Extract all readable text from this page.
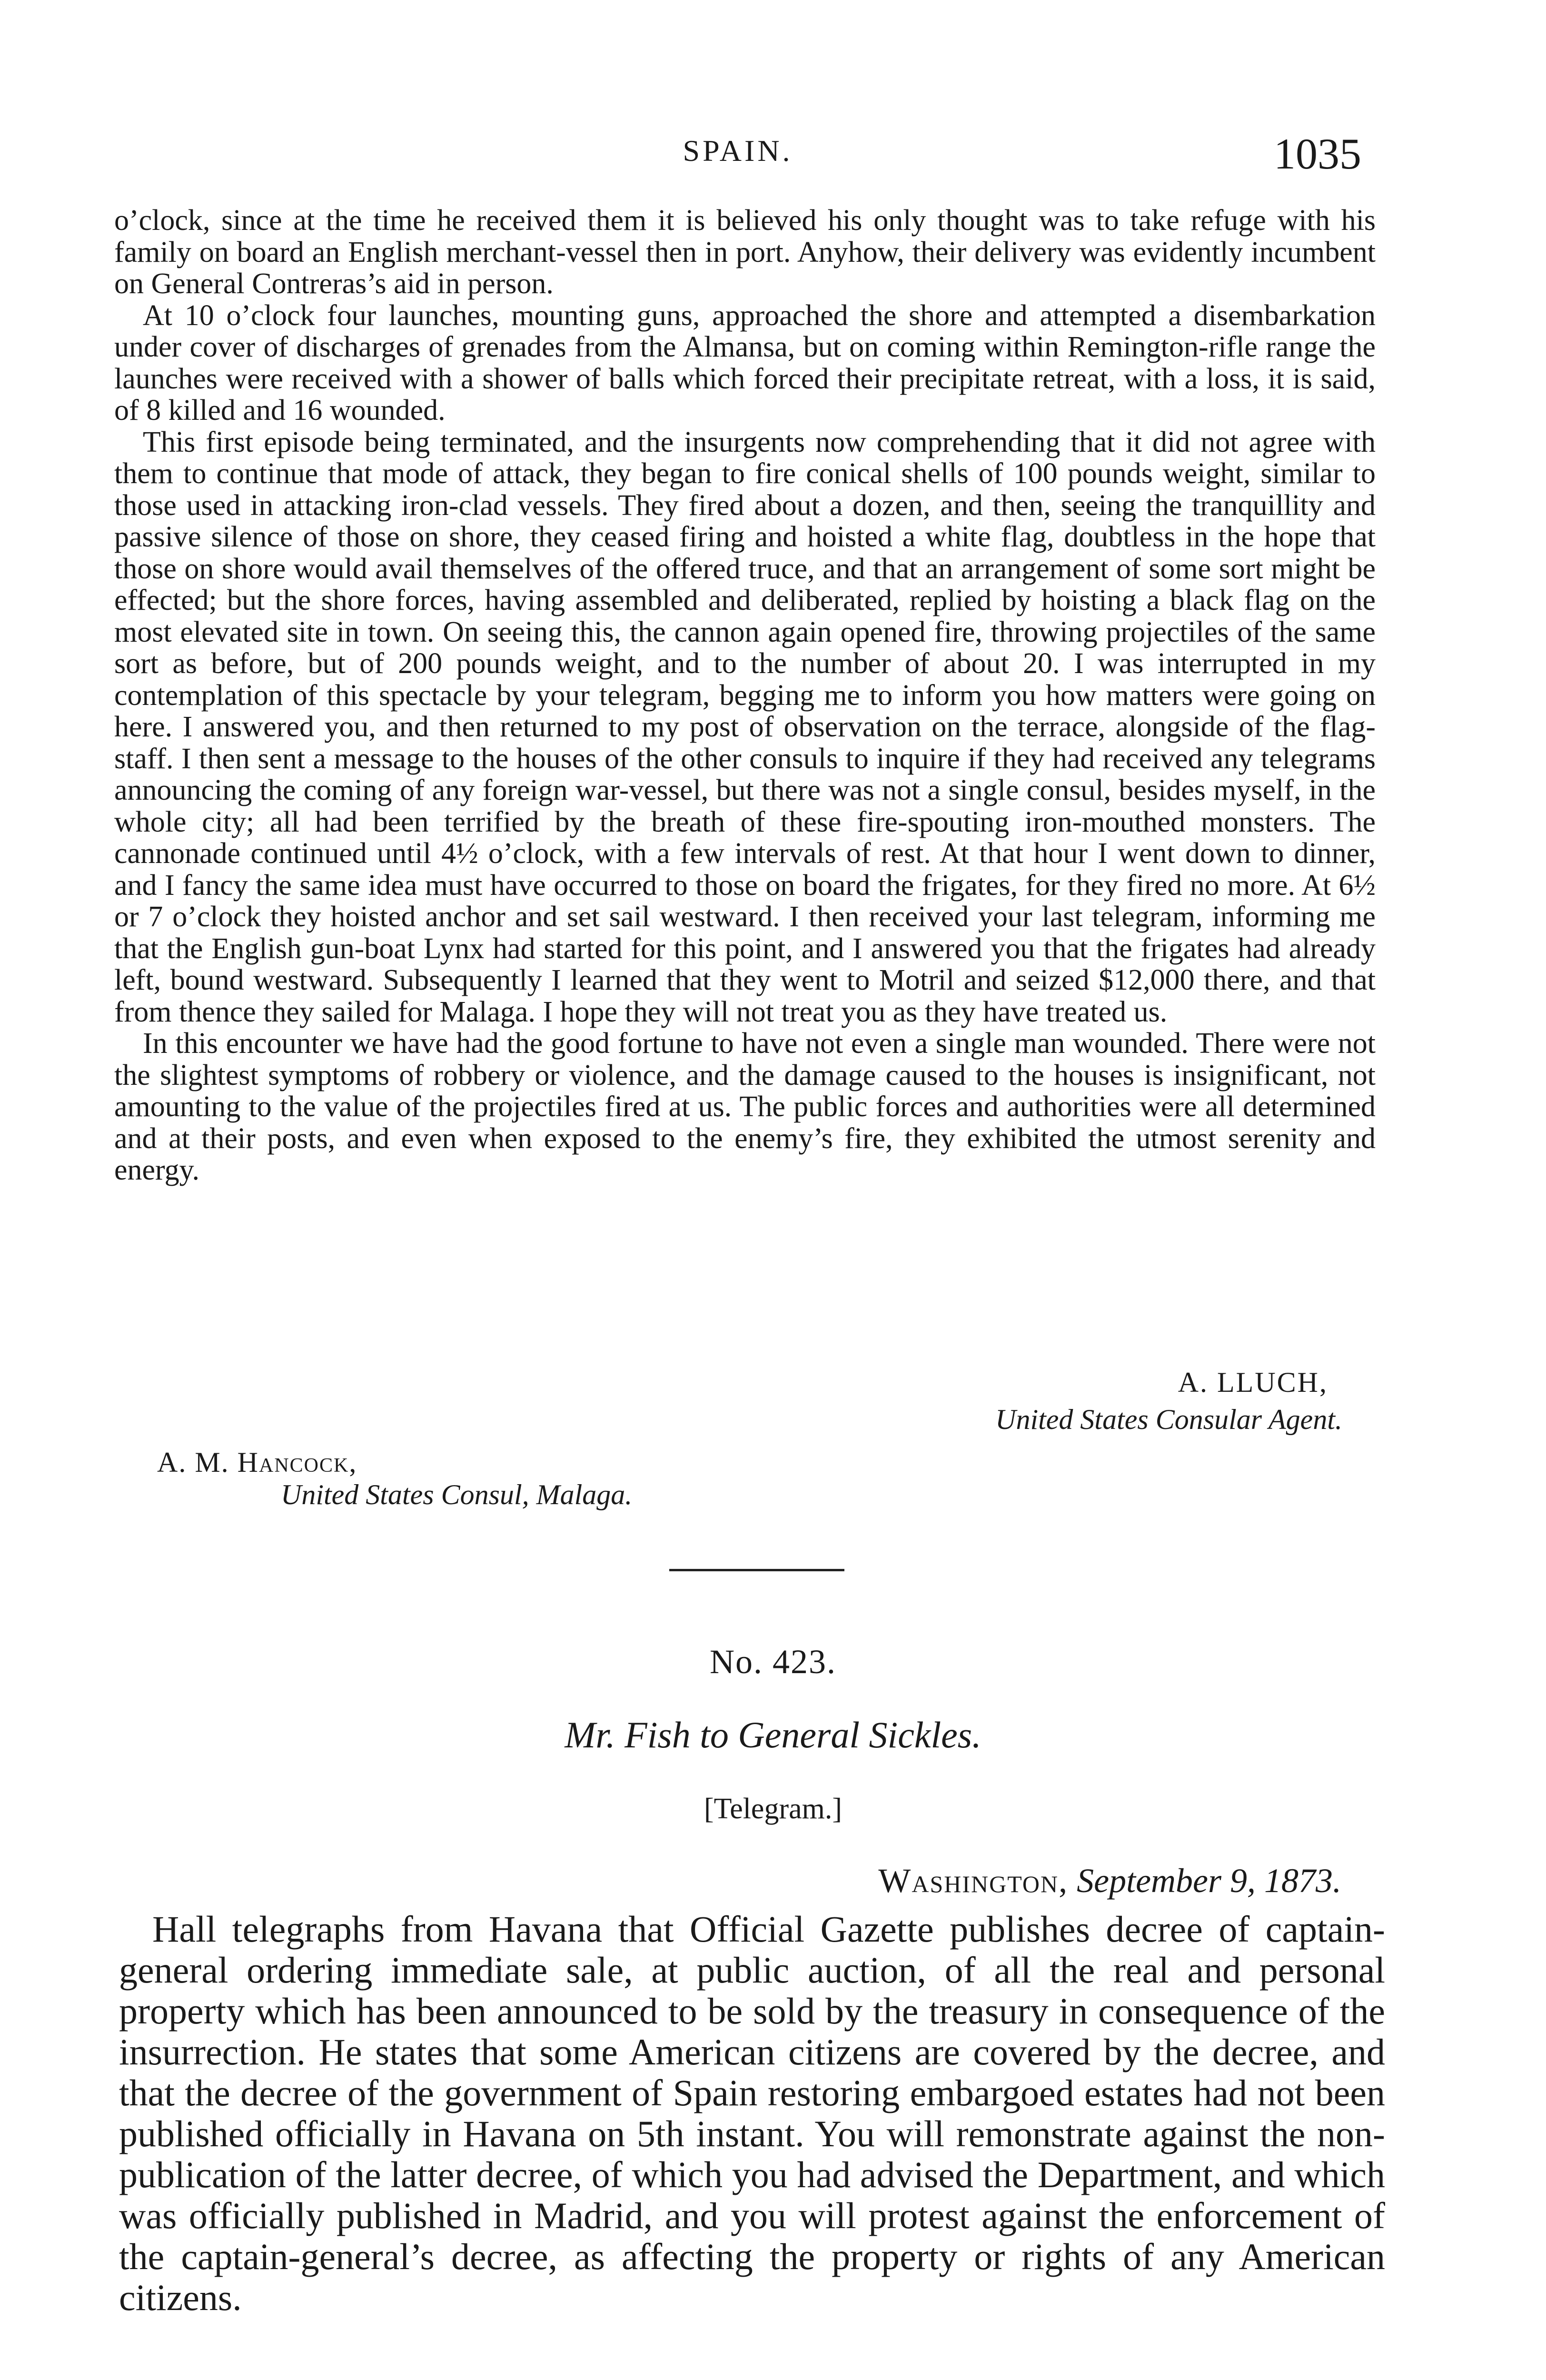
SPAIN.	1035

o’clock, since at the time he received them it is believed his only thought was to take refuge with his family on board an English merchant-vessel then in port. Anyhow, their delivery was evidently incumbent on General Contreras’s aid in person.

At 10 o’clock four launches, mounting guns, approached the shore and attempted a disembarkation under cover of discharges of grenades from the Almansa, but on coming within Remington-rifle range the launches were received with a shower of balls which forced their precipitate retreat, with a loss, it is said, of 8 killed and 16 wounded.

This first episode being terminated, and the insurgents now comprehending that it did not agree with them to continue that mode of attack, they began to fire conical shells of 100 pounds weight, similar to those used in attacking iron-clad vessels. They fired about a dozen, and then, seeing the tranquillity and passive silence of those on shore, they ceased firing and hoisted a white flag, doubtless in the hope that those on shore would avail themselves of the offered truce, and that an arrangement of some sort might be effected; but the shore forces, having assembled and deliberated, replied by hoisting a black flag on the most elevated site in town. On seeing this, the cannon again opened fire, throwing projectiles of the same sort as before, but of 200 pounds weight, and to the number of about 20. I was interrupted in my contemplation of this spectacle by your telegram, begging me to inform you how matters were going on here. I answered you, and then returned to my post of observation on the terrace, alongside of the flag-staff. I then sent a message to the houses of the other consuls to inquire if they had received any telegrams announcing the coming of any foreign war-vessel, but there was not a single consul, besides myself, in the whole city; all had been terrified by the breath of these fire-spouting iron-mouthed monsters. The cannonade continued until 4½ o’clock, with a few intervals of rest. At that hour I went down to dinner, and I fancy the same idea must have occurred to those on board the frigates, for they fired no more. At 6½ or 7 o’clock they hoisted anchor and set sail westward. I then received your last telegram, informing me that the English gun-boat Lynx had started for this point, and I answered you that the frigates had already left, bound westward. Subsequently I learned that they went to Motril and seized $12,000 there, and that from thence they sailed for Malaga. I hope they will not treat you as they have treated us.

In this encounter we have had the good fortune to have not even a single man wounded. There were not the slightest symptoms of robbery or violence, and the damage caused to the houses is insignificant, not amounting to the value of the projectiles fired at us. The public forces and authorities were all determined and at their posts, and even when exposed to the enemy’s fire, they exhibited the utmost serenity and energy.

A. LLUCH,
United States Consular Agent.
A. M. Hancock,
United States Consul, Malaga.
No. 423.
Mr. Fish to General Sickles.
[Telegram.]
Washington, September 9, 1873.

Hall telegraphs from Havana that Official Gazette publishes decree of captain-general ordering immediate sale, at public auction, of all the real and personal property which has been announced to be sold by the treasury in consequence of the insurrection. He states that some American citizens are covered by the decree, and that the decree of the government of Spain restoring embargoed estates had not been published officially in Havana on 5th instant. You will remonstrate against the non-publication of the latter decree, of which you had advised the Department, and which was officially published in Madrid, and you will protest against the enforcement of the captain-general’s decree, as affecting the property or rights of any American citizens.
